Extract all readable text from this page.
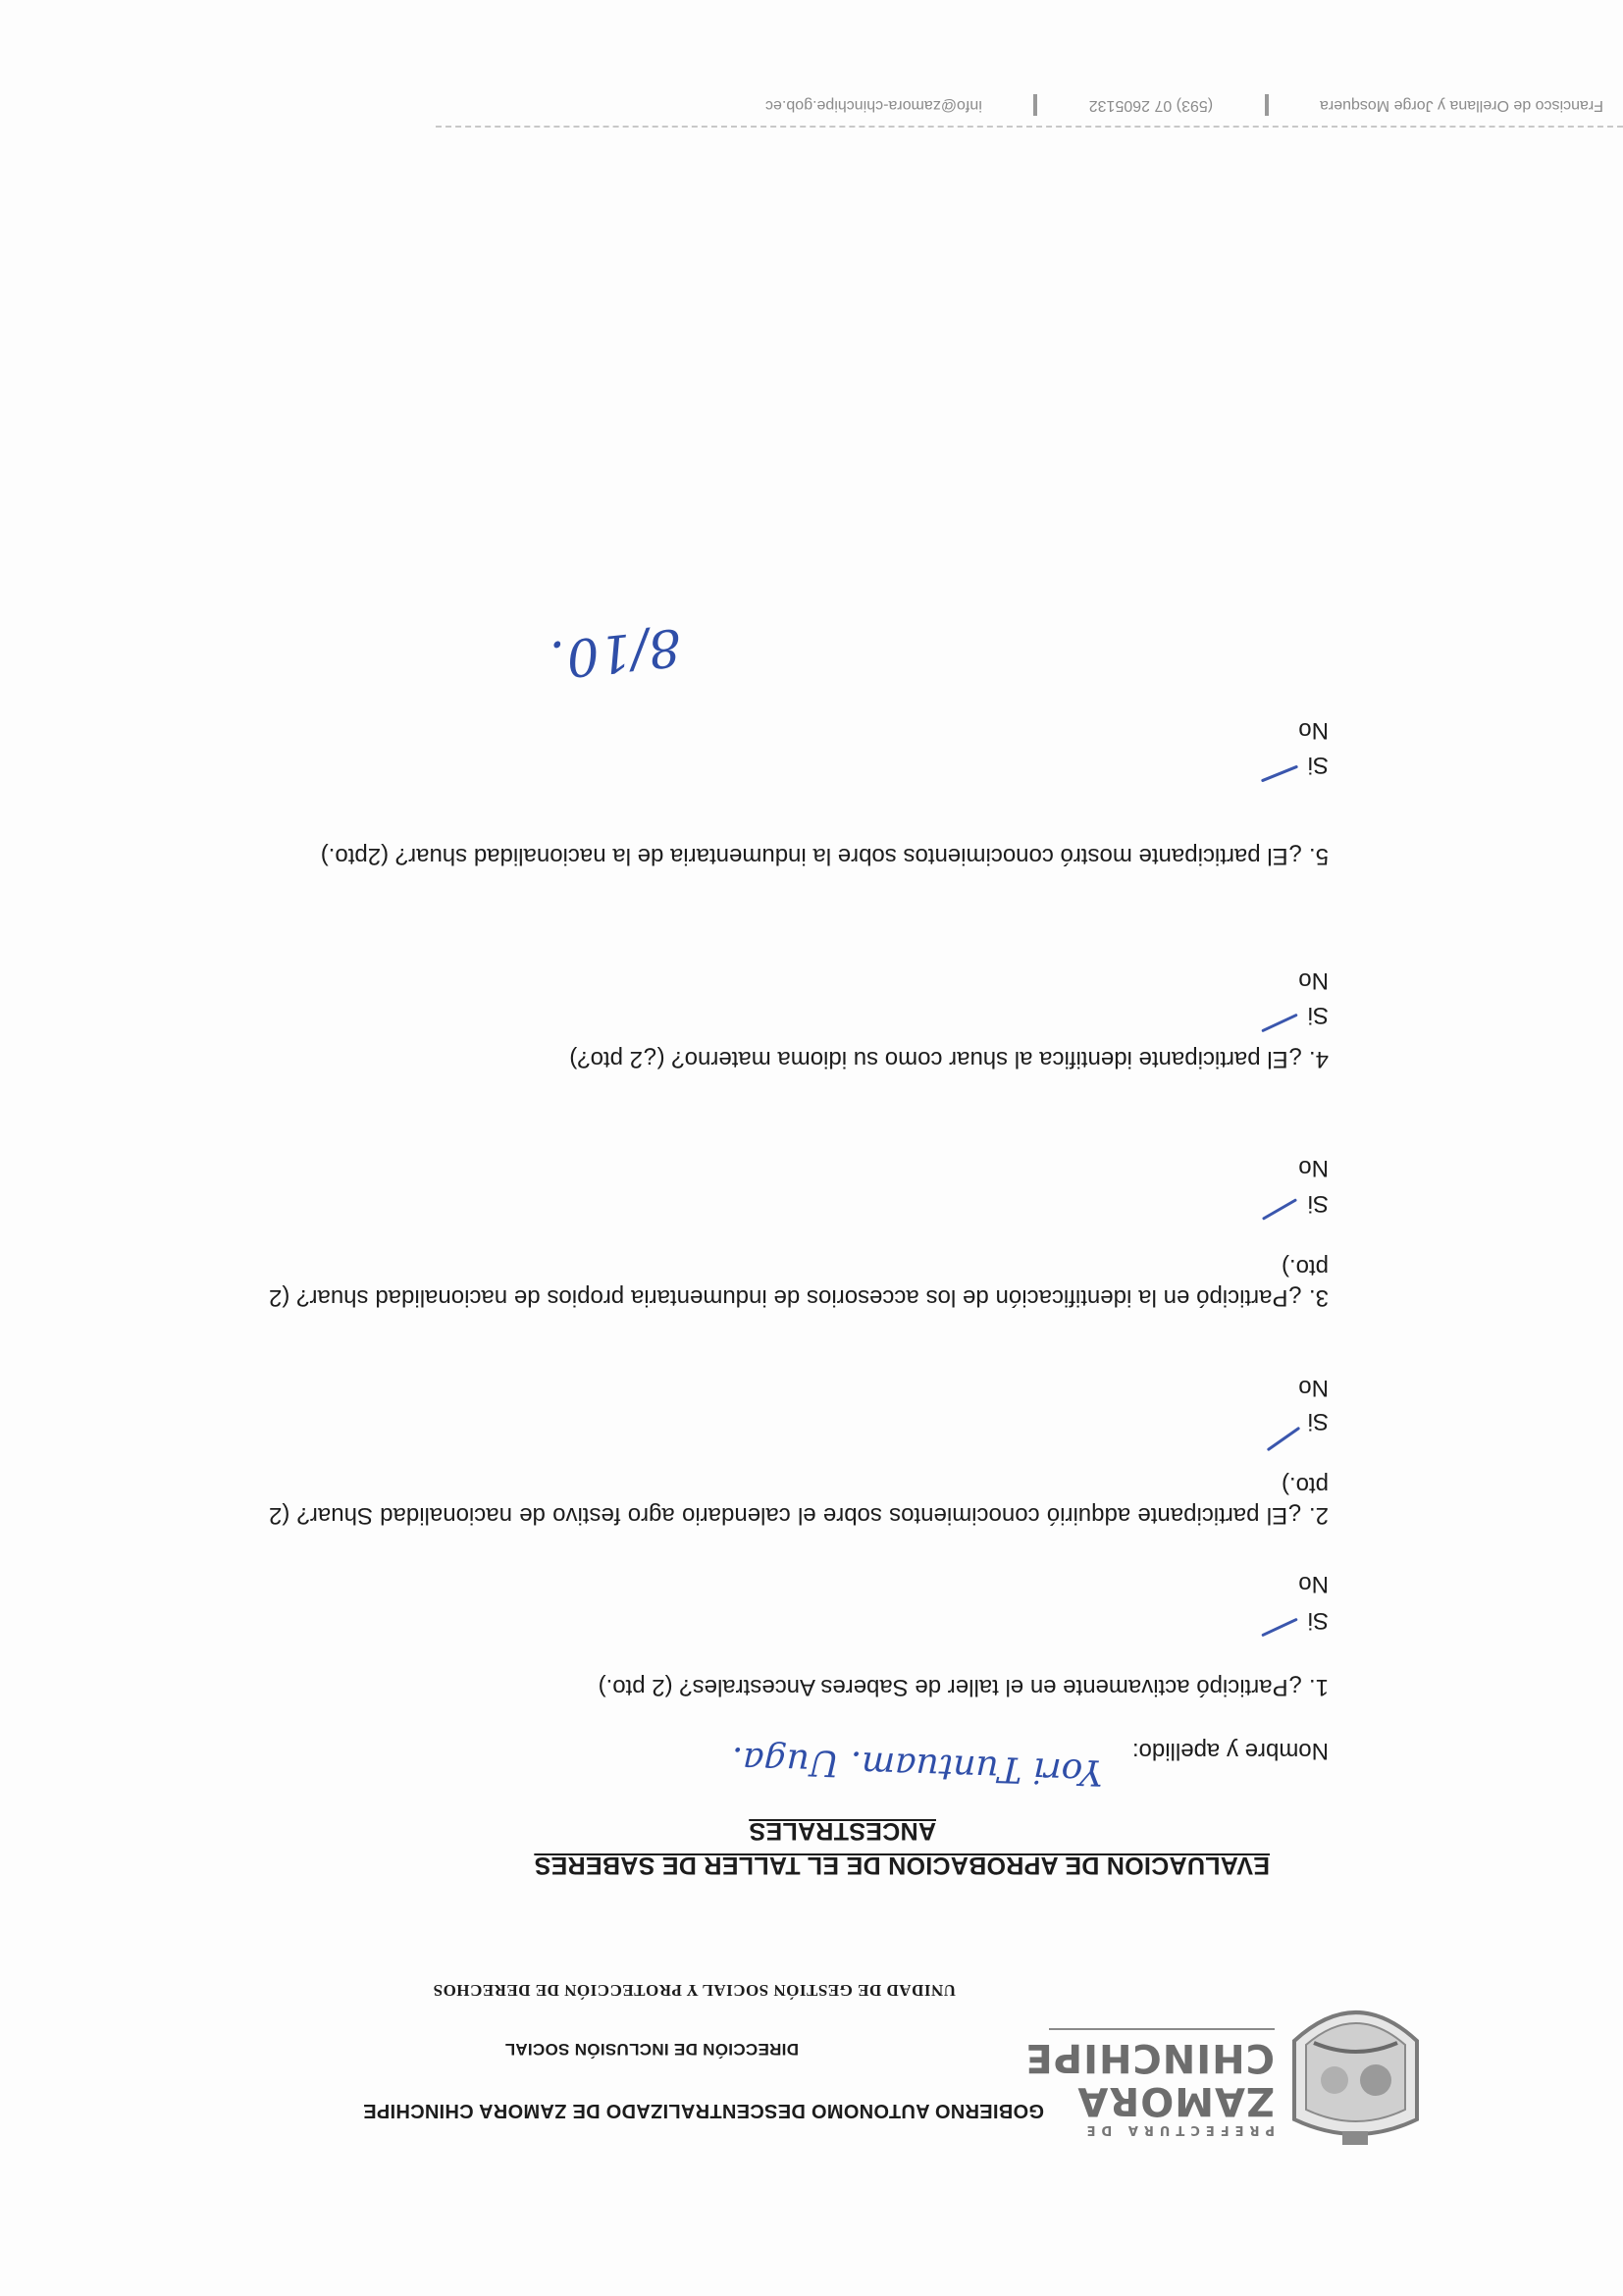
PREFECTURA DE
ZAMORA
CHINCHIPE
GOBIERNO AUTONOMO DESCENTRALIZADO DE ZAMORA CHINCHIPE
DIRECCIÓN DE INCLUSIÓN SOCIAL
UNIDAD DE GESTIÓN SOCIAL Y PROTECCIÓN DE DERECHOS
EVALUACION DE APROBACION DE EL TALLER DE SABERES
ANCESTRALES
Nombre y apellido:
Yori Tuntuam. Uuga.
1. ¿Participó activamente en el taller de Saberes Ancestrales? (2 pto.)
Si
No
2. ¿El participante adquirió conocimientos sobre el calendario agro festivo de nacionalidad Shuar? (2 pto.)
Si
No
3. ¿Participó en la identificación de los accesorios de indumentaria propios de nacionalidad shuar? (2 pto.)
Si
No
4. ¿El participante identifica al shuar como su idioma materno? (¿2 pto?)
Si
No
5. ¿El participante mostró conocimientos sobre la indumentaria de la nacionalidad shuar? (2pto.)
Si
No
8/10.
Francisco de Orellana y Jorge Mosquera  (593) 07 2605132  info@zamora-chinchipe.gob.ec
